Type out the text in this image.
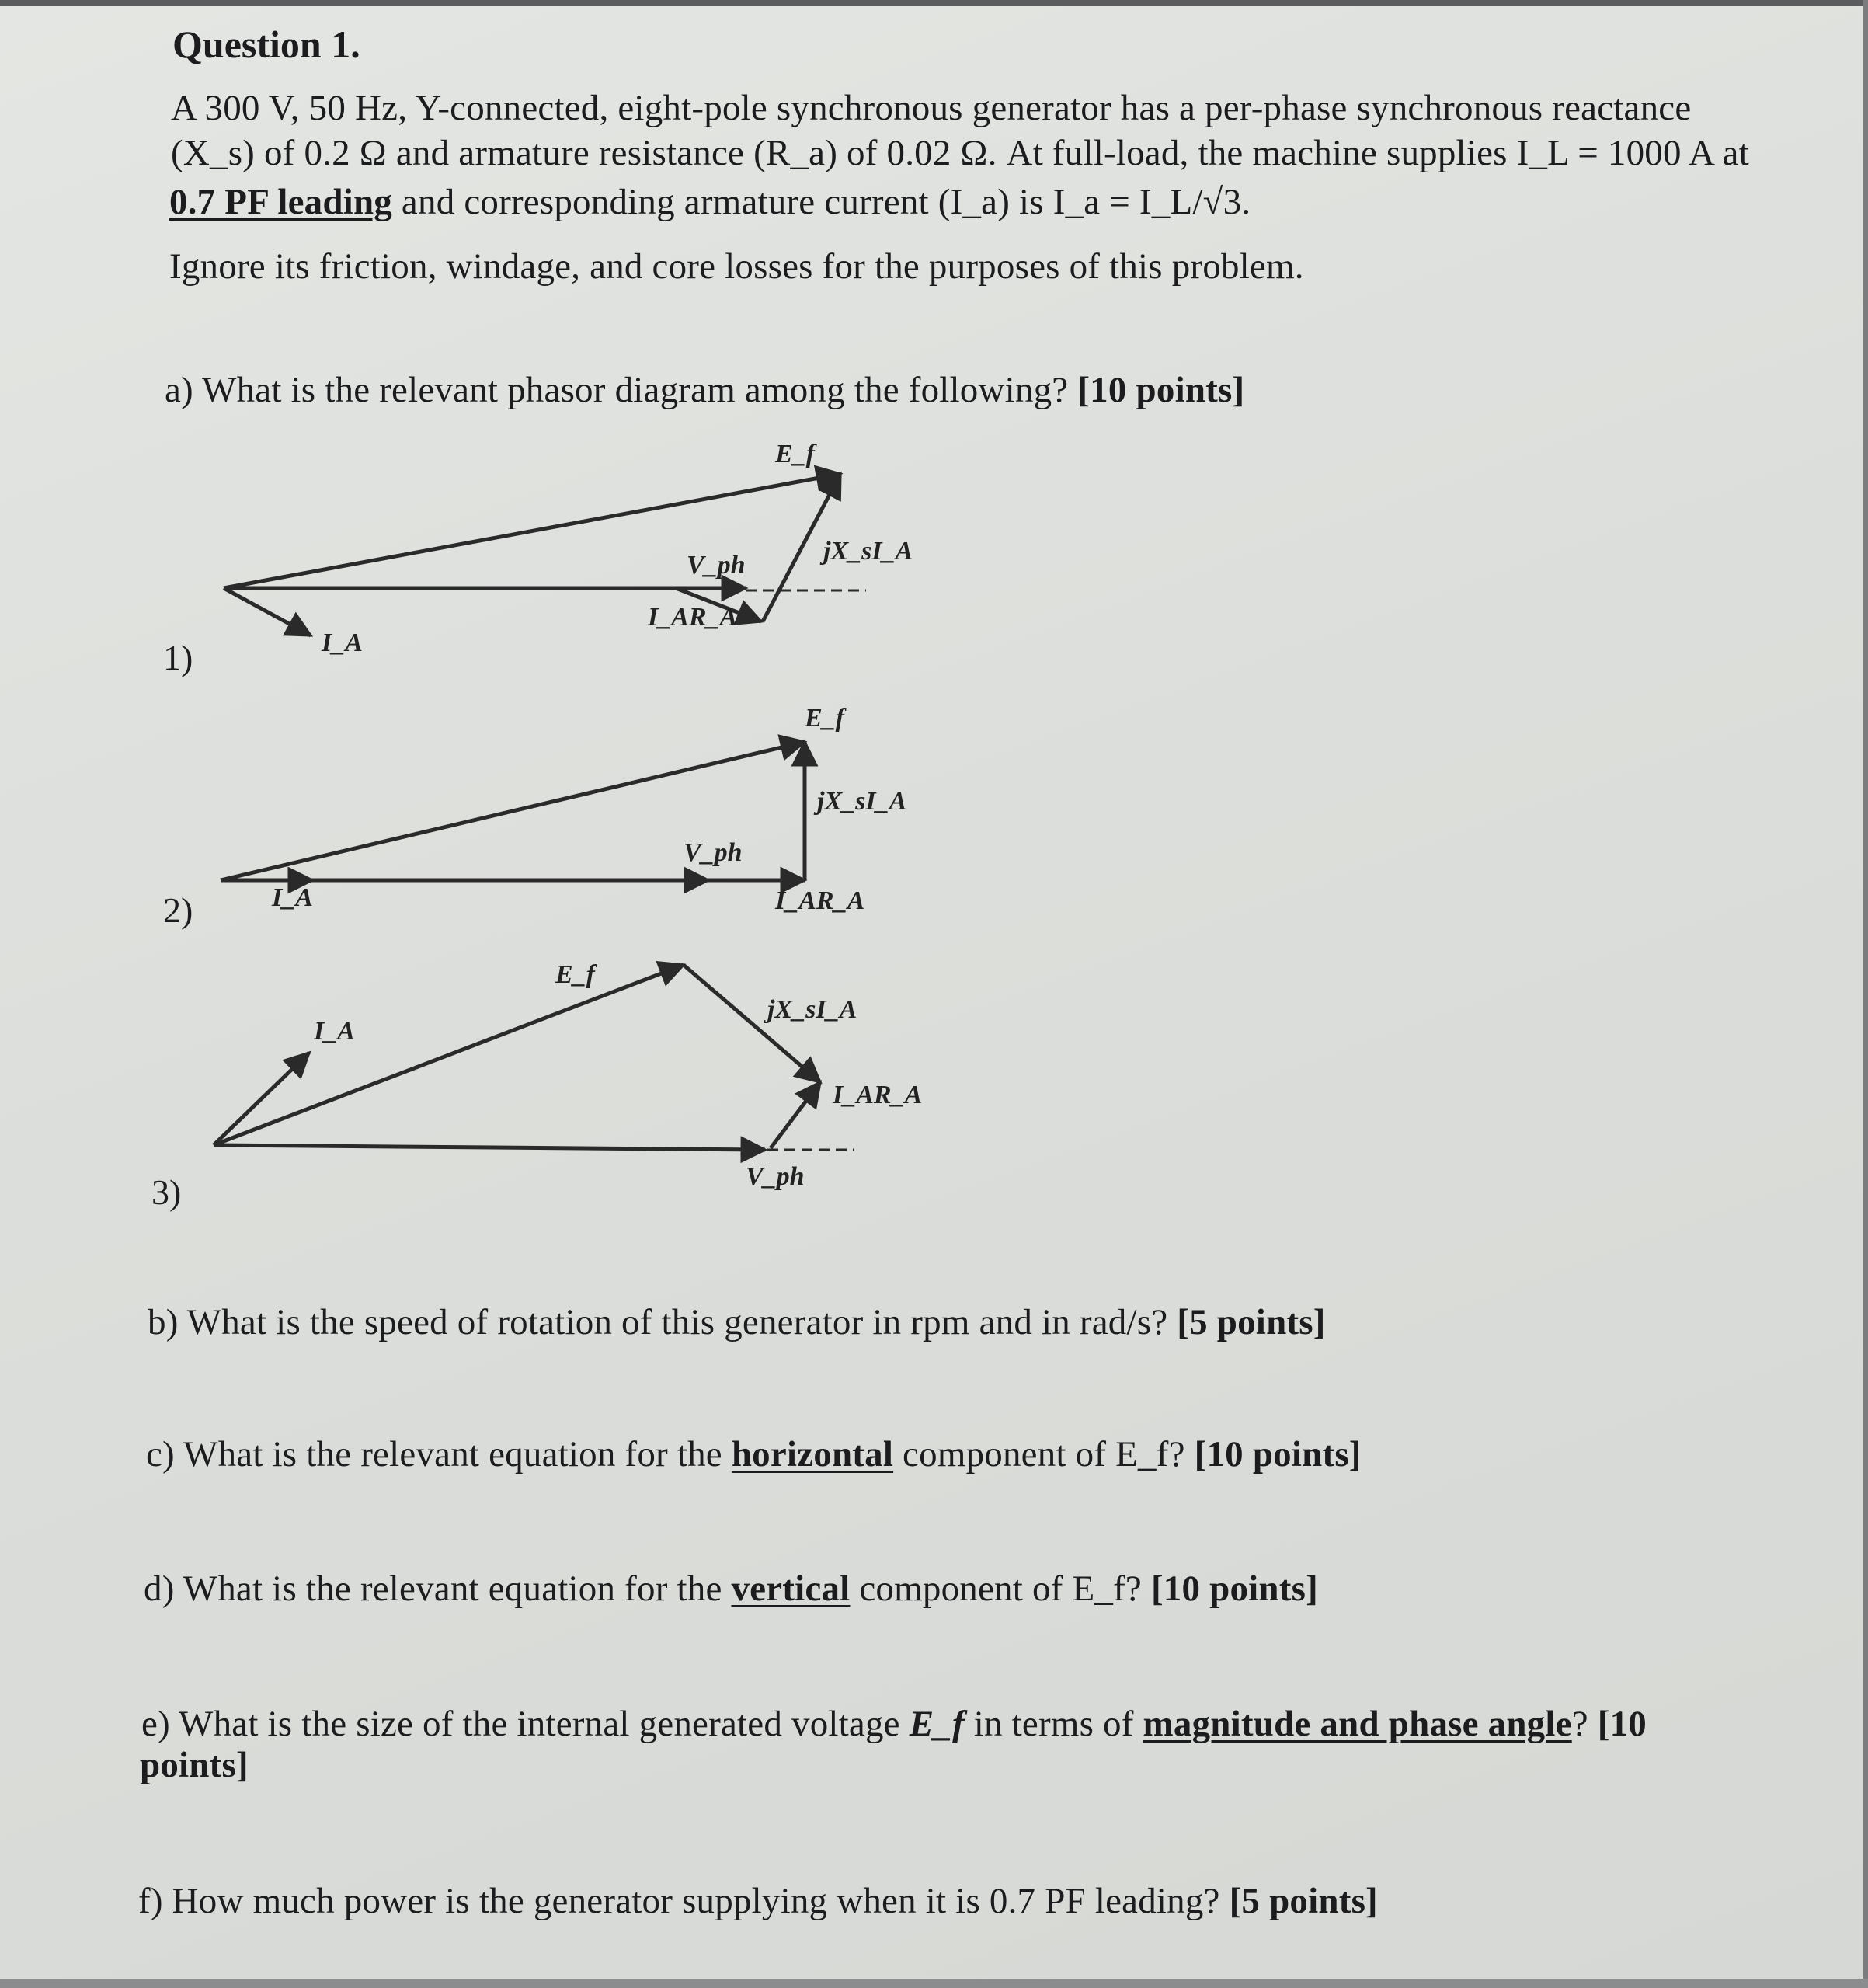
Question 1.
A 300 V, 50 Hz, Y-connected, eight-pole synchronous generator has a per-phase synchronous reactance
(X_s) of 0.2 Ω and armature resistance (R_a) of 0.02 Ω. At full-load, the machine supplies I_L = 1000 A at
0.7 PF leading and corresponding armature current (I_a) is I_a = I_L/√3.
Ignore its friction, windage, and core losses for the purposes of this problem.
a) What is the relevant phasor diagram among the following? [10 points]
1)
2)
3)
E_f
jX_sI_A
V_ph
I_AR_A
I_A
E_f
jX_sI_A
V_ph
I_AR_A
I_A
E_f
jX_sI_A
V_ph
I_AR_A
I_A
b) What is the speed of rotation of this generator in rpm and in rad/s? [5 points]
c) What is the relevant equation for the horizontal component of E_f? [10 points]
d) What is the relevant equation for the vertical component of E_f? [10 points]
e) What is the size of the internal generated voltage E_f in terms of magnitude and phase angle? [10
points]
f) How much power is the generator supplying when it is 0.7 PF leading? [5 points]
